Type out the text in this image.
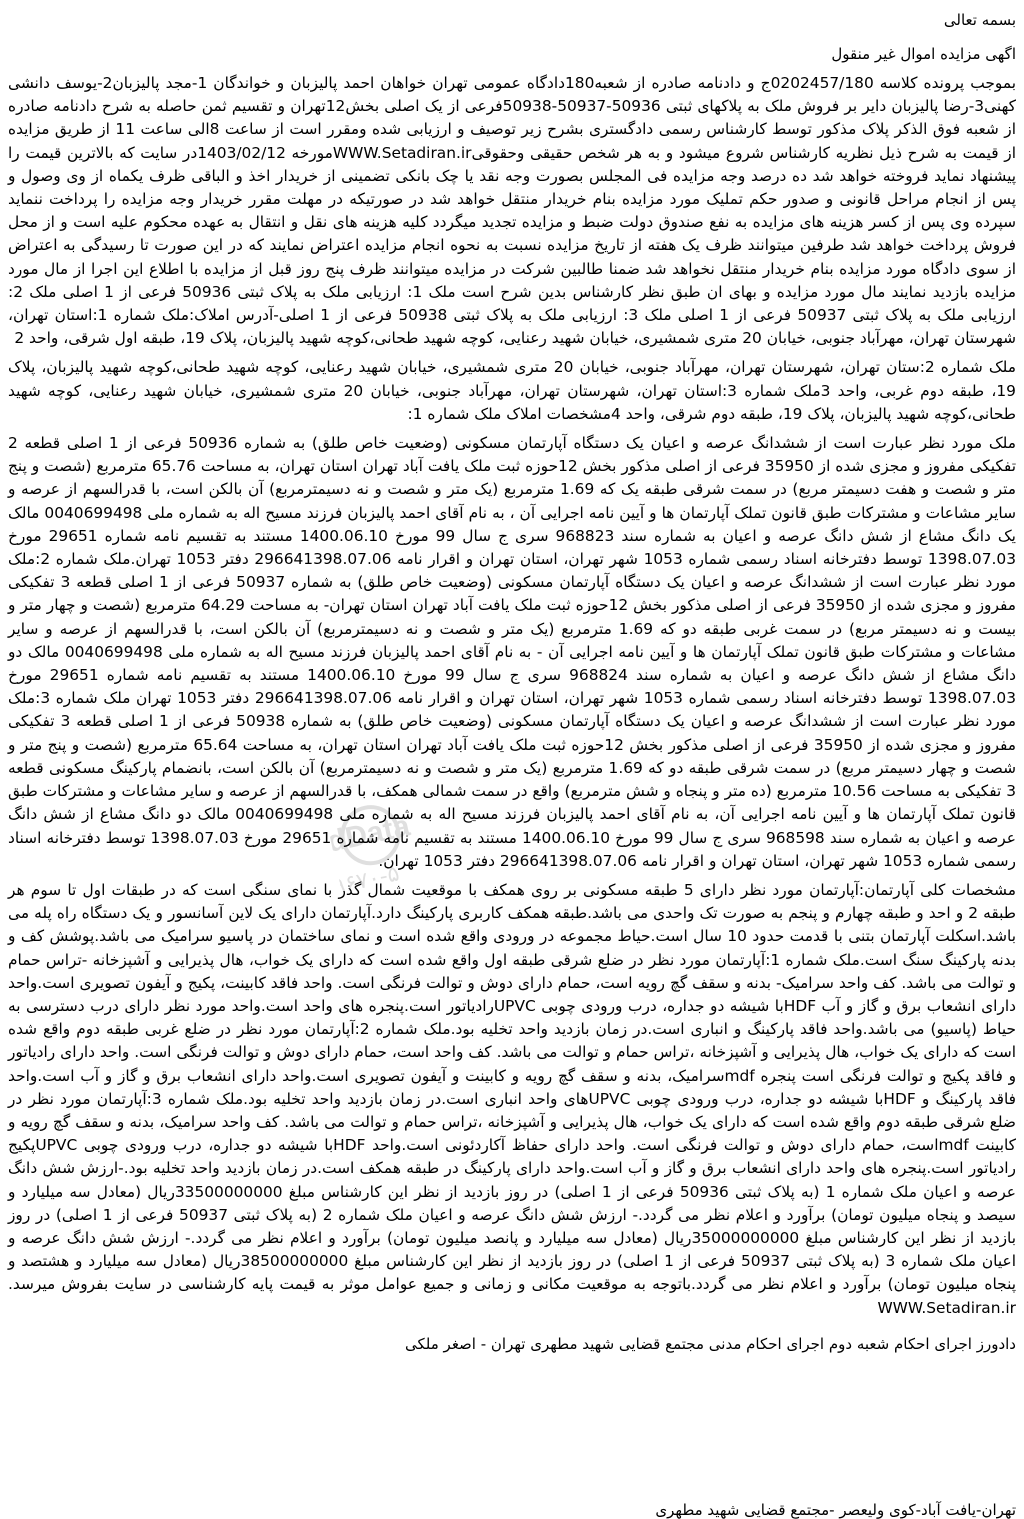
بسمه تعالی

اگهی مزایده اموال غیر منقول

بموجب پرونده کلاسه 0202457/180ج و دادنامه صادره از شعبه180دادگاه عمومی تهران خواهان احمد پالیزبان و خواندگان 1-مجد پالیزبان2-یوسف دانشی کهنی3-رضا پالیزبان دایر بر فروش ملک به پلاکهای ثبتی 50936-50937-50938فرعی از یک اصلی بخش12تهران و تقسیم ثمن حاصله به شرح دادنامه صادره از شعبه فوق الذکر پلاک مذکور توسط کارشناس رسمی دادگستری بشرح زیر توصیف و ارزیابی شده ومقرر است از ساعت 8الی ساعت 11 از طریق مزایده از قیمت به شرح ذیل نظریه کارشناس شروع میشود و به هر شخص حقیقی وحقوقیWWW.Setadiran.irمورخه 1403/02/12در سایت که بالاترین قیمت را پیشنهاد نماید فروخته خواهد شد ده درصد وجه مزایده فی المجلس بصورت وجه نقد یا چک بانکی تضمینی از خریدار اخذ و الباقی ظرف یکماه از وی وصول و پس از انجام مراحل قانونی و صدور حکم تملیک مورد مزایده بنام خریدار منتقل خواهد شد در صورتیکه در مهلت مقرر خریدار وجه مزایده را پرداخت ننماید سپرده وی پس از کسر هزینه های مزایده به نفع صندوق دولت ضبط و مزایده تجدید میگردد کلیه هزینه های نقل و انتقال به عهده محکوم علیه است و از محل فروش پرداخت خواهد شد طرفین میتوانند ظرف یک هفته از تاریخ مزایده نسبت به نحوه انجام مزایده اعتراض نمایند که در این صورت تا رسیدگی به اعتراض از سوی دادگاه مورد مزایده بنام خریدار منتقل نخواهد شد ضمنا طالبین شرکت در مزایده میتوانند ظرف پنج روز قبل از مزایده با اطلاع این اجرا از مال مورد مزایده بازدید نمایند مال مورد مزایده و بهای ان طبق نظر کارشناس بدین شرح است ملک 1: ارزیابی ملک به پلاک ثبتی 50936 فرعی از 1 اصلی ملک 2: ارزیابی ملک به پلاک ثبتی 50937 فرعی از 1 اصلی ملک 3: ارزیابی ملک به پلاک ثبتی 50938 فرعی از 1 اصلی-آدرس املاک:ملک شماره 1:استان تهران، شهرستان تهران، مهرآباد جنوبی، خیابان 20 متری شمشیری، خیابان شهید رعنایی، کوچه شهید طحانی،کوچه شهید پالیزبان، پلاک 19، طبقه اول شرقی، واحد 2

ملک شماره 2:ستان تهران، شهرستان تهران، مهرآباد جنوبی، خیابان 20 متری شمشیری، خیابان شهید رعنایی، کوچه شهید طحانی،کوچه شهید پالیزبان، پلاک 19، طبقه دوم غربی، واحد 3ملک شماره 3:استان تهران، شهرستان تهران، مهرآباد جنوبی، خیابان 20 متری شمشیری، خیابان شهید رعنایی، کوچه شهید طحانی،کوچه شهید پالیزبان، پلاک 19، طبقه دوم شرقی، واحد 4مشخصات املاک ملک شماره 1:

ملک مورد نظر عبارت است از ششدانگ عرصه و اعیان یک دستگاه آپارتمان مسکونی (وضعیت خاص طلق) به شماره 50936 فرعی از 1 اصلی قطعه 2 تفکیکی مفروز و مجزی شده از 35950 فرعی از اصلی مذکور بخش 12حوزه ثبت ملک یافت آباد تهران استان تهران، به مساحت 65.76 مترمربع (شصت و پنج متر و شصت و هفت دسیمتر مربع) در سمت شرقی طبقه یک که 1.69 مترمربع (یک متر و شصت و نه دسیمترمربع) آن بالکن است، با قدرالسهم از عرصه و سایر مشاعات و مشترکات طبق قانون تملک آپارتمان ها و آیین نامه اجرایی آن ، به نام آقای احمد پالیزبان فرزند مسیح اله به شماره ملی 0040699498 مالک یک دانگ مشاع از شش دانگ عرصه و اعیان به شماره سند 968823 سری ج سال 99 مورخ 1400.06.10 مستند به تقسیم نامه شماره 29651 مورخ 1398.07.03 توسط دفترخانه اسناد رسمی شماره 1053 شهر تهران، استان تهران و اقرار نامه 296641398.07.06 دفتر 1053 تهران.ملک شماره 2:ملک مورد نظر عبارت است از ششدانگ عرصه و اعیان یک دستگاه آپارتمان مسکونی (وضعیت خاص طلق) به شماره 50937 فرعی از 1 اصلی قطعه 3 تفکیکی مفروز و مجزی شده از 35950 فرعی از اصلی مذکور بخش 12حوزه ثبت ملک یافت آباد تهران استان تهران- به مساحت 64.29 مترمربع (شصت و چهار متر و بیست و نه دسیمتر مربع) در سمت غربی طبقه دو که 1.69 مترمربع (یک متر و شصت و نه دسیمترمربع) آن بالکن است، با قدرالسهم از عرصه و سایر مشاعات و مشترکات طبق قانون تملک آپارتمان ها و آیین نامه اجرایی آن - به نام آقای احمد پالیزبان فرزند مسیح اله به شماره ملی 0040699498 مالک دو دانگ مشاع از شش دانگ عرصه و اعیان به شماره سند 968824 سری ج سال 99 مورخ 1400.06.10 مستند به تقسیم نامه شماره 29651 مورخ 1398.07.03 توسط دفترخانه اسناد رسمی شماره 1053 شهر تهران، استان تهران و اقرار نامه 296641398.07.06 دفتر 1053 تهران ملک شماره 3:ملک مورد نظر عبارت است از ششدانگ عرصه و اعیان یک دستگاه آپارتمان مسکونی (وضعیت خاص طلق) به شماره 50938 فرعی از 1 اصلی قطعه 3 تفکیکی مفروز و مجزی شده از 35950 فرعی از اصلی مذکور بخش 12حوزه ثبت ملک یافت آباد تهران استان تهران، به مساحت 65.64 مترمربع (شصت و پنج متر و شصت و چهار دسیمتر مربع) در سمت شرقی طبقه دو که 1.69 مترمربع (یک متر و شصت و نه دسیمترمربع) آن بالکن است، بانضمام پارکینگ مسکونی قطعه 3 تفکیکی به مساحت 10.56 مترمربع (ده متر و پنجاه و شش مترمربع) واقع در سمت شمالی همکف، با قدرالسهم از عرصه و سایر مشاعات و مشترکات طبق قانون تملک آپارتمان ها و آیین نامه اجرایی آن، به نام آقای احمد پالیزبان فرزند مسیح اله به شماره ملی 0040699498 مالک دو دانگ مشاع از شش دانگ عرصه و اعیان به شماره سند 968598 سری ج سال 99 مورخ 1400.06.10 مستند به تقسیم نامه شماره 29651 مورخ 1398.07.03 توسط دفترخانه اسناد رسمی شماره 1053 شهر تهران، استان تهران و اقرار نامه 296641398.07.06 دفتر 1053 تهران.

مشخصات کلی آپارتمان:آپارتمان مورد نظر دارای 5 طبقه مسکونی بر روی همکف با موقعیت شمال گذر با نمای سنگی است که در طبقات اول تا سوم هر طبقه 2 و احد و طبقه چهارم و پنجم به صورت تک واحدی می باشد.طبقه همکف کاربری پارکینگ دارد.آپارتمان دارای یک لاین آسانسور و یک دستگاه راه پله می باشد.اسکلت آپارتمان بتنی با قدمت حدود 10 سال است.حیاط مجموعه در ورودی واقع شده است و نمای ساختمان در پاسیو سرامیک می باشد.پوشش کف و بدنه پارکینگ سنگ است.ملک شماره 1:آپارتمان مورد نظر در ضلع شرقی طبقه اول واقع شده است که دارای یک خواب، هال پذیرایی و آشپزخانه -تراس حمام و توالت می باشد. کف واحد سرامیک- بدنه و سقف گچ رویه است، حمام دارای دوش و توالت فرنگی است. واحد فاقد کابینت، پکیج و آیفون تصویری است.واحد دارای انشعاب برق و گاز و آب HDFبا شیشه دو جداره، درب ورودی چوبی UPVCرادیاتور است.پنجره های واحد است.واحد مورد نظر دارای درب دسترسی به حیاط (پاسیو) می باشد.واحد فاقد پارکینگ و انباری است.در زمان بازدید واحد تخلیه بود.ملک شماره 2:آپارتمان مورد نظر در ضلع غربی طبقه دوم واقع شده است که دارای یک خواب، هال پذیرایی و آشپزخانه ،تراس حمام و توالت می باشد. کف واحد است، حمام دارای دوش و توالت فرنگی است. واحد دارای رادیاتور و فاقد پکیج و توالت فرنگی است پنجره mdfسرامیک، بدنه و سقف گچ رویه و کابینت و آیفون تصویری است.واحد دارای انشعاب برق و گاز و آب است.واحد فاقد پارکینگ و HDFبا شیشه دو جداره، درب ورودی چوبی UPVCهای واحد انباری است.در زمان بازدید واحد تخلیه بود.ملک شماره 3:آپارتمان مورد نظر در ضلع شرقی طبقه دوم واقع شده است که دارای یک خواب، هال پذیرایی و آشپزخانه ،تراس حمام و توالت می باشد. کف واحد سرامیک، بدنه و سقف گچ رویه و کابینت mdfاست، حمام دارای دوش و توالت فرنگی است. واحد دارای حفاظ آکاردئونی است.واحد HDFبا شیشه دو جداره، درب ورودی چوبی UPVCپکیج رادیاتور است.پنجره های واحد دارای انشعاب برق و گاز و آب است.واحد دارای پارکینگ در طبقه همکف است.در زمان بازدید واحد تخلیه بود.-ارزش شش دانگ عرصه و اعیان ملک شماره 1 (به پلاک ثبتی 50936 فرعی از 1 اصلی) در روز بازدید از نظر این کارشناس مبلغ 33500000000ریال (معادل سه میلیارد و سیصد و پنجاه میلیون تومان) برآورد و اعلام نظر می گردد.- ارزش شش دانگ عرصه و اعیان ملک شماره 2 (به پلاک ثبتی 50937 فرعی از 1 اصلی) در روز بازدید از نظر این کارشناس مبلغ 35000000000ریال (معادل سه میلیارد و پانصد میلیون تومان) برآورد و اعلام نظر می گردد.- ارزش شش دانگ عرصه و اعیان ملک شماره 3 (به پلاک ثبتی 50937 فرعی از 1 اصلی) در روز بازدید از نظر این کارشناس مبلغ 38500000000ریال (معادل سه میلیارد و هشتصد و پنجاه میلیون تومان) برآورد و اعلام نظر می گردد.باتوجه به موقعیت مکانی و زمانی و جمیع عوامل موثر به قیمت پایه کارشناسی در سایت بفروش میرسد. WWW.Setadiran.ir

دادورز اجرای احکام شعبه دوم اجرای احکام مدنی مجتمع قضایی شهید مطهری تهران - اصغر ملکی

ParsNamadData
۰۲۱-۸۸۳۴۹۶۷۰-۵

تهران-یافت آباد-کوی ولیعصر -مجتمع قضایی شهید مطهری
